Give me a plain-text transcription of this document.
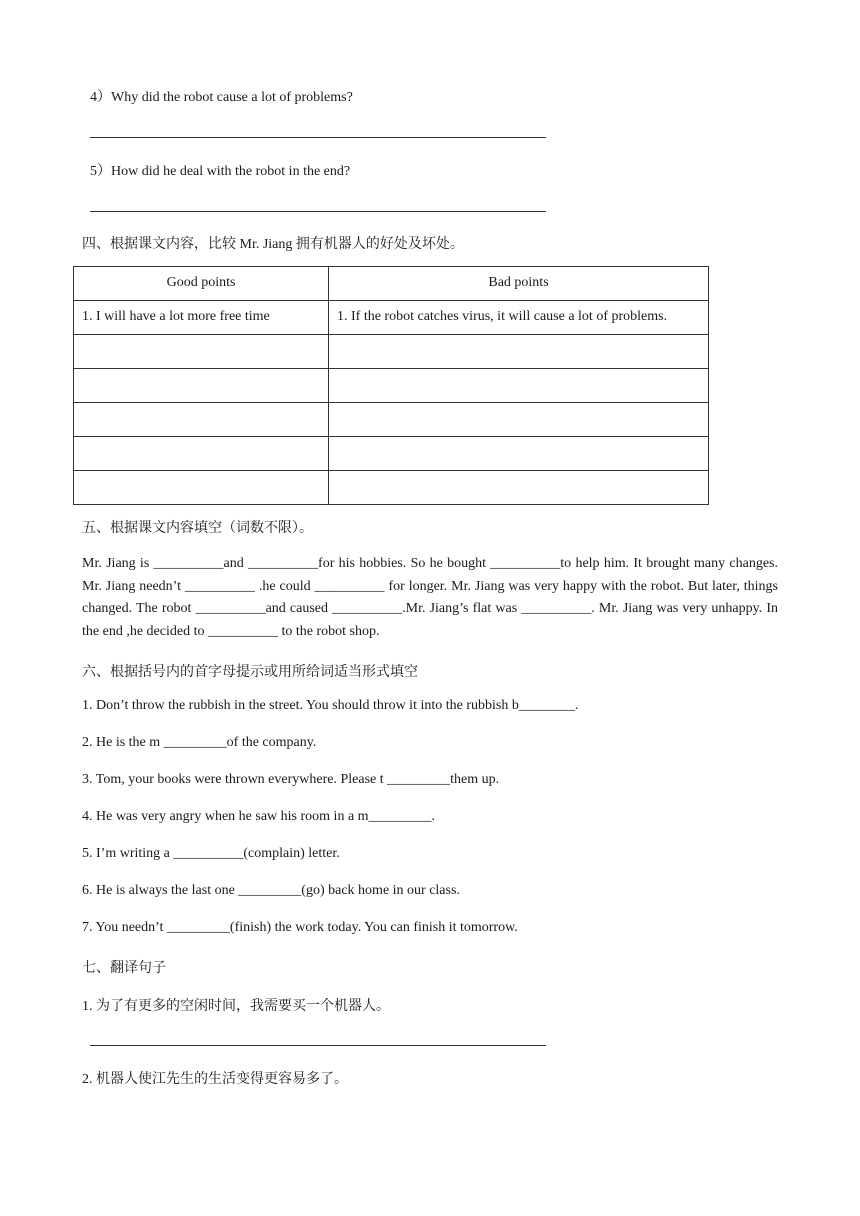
4）Why did the robot cause a lot of problems?
5）How did he deal with the robot in the end?
四、根据课文内容，比较 Mr. Jiang 拥有机器人的好处及坏处。
Good points	Bad points
1. I will have a lot more free time	1. If the robot catches virus, it will cause a lot of problems.

五、根据课文内容填空（词数不限）。
Mr. Jiang is __________and __________for his hobbies. So he bought __________to help him. It brought many changes. Mr. Jiang needn’t __________ .he could __________ for longer. Mr. Jiang was very happy with the robot. But later, things changed. The robot __________and caused __________.Mr. Jiang’s flat was __________. Mr. Jiang was very unhappy. In the end ,he decided to __________ to the robot shop.
六、根据括号内的首字母提示或用所给词适当形式填空
1. Don’t throw the rubbish in the street. You should throw it into the rubbish b________.
2. He is the m _________of the company.
3. Tom, your books were thrown everywhere. Please t _________them up.
4. He was very angry when he saw his room in a m_________.
5. I’m writing a __________(complain) letter.
6. He is always the last one _________(go) back home in our class.
7. You needn’t _________(finish) the work today. You can finish it tomorrow.
七、翻译句子
1. 为了有更多的空闲时间，我需要买一个机器人。
2. 机器人使江先生的生活变得更容易多了。
